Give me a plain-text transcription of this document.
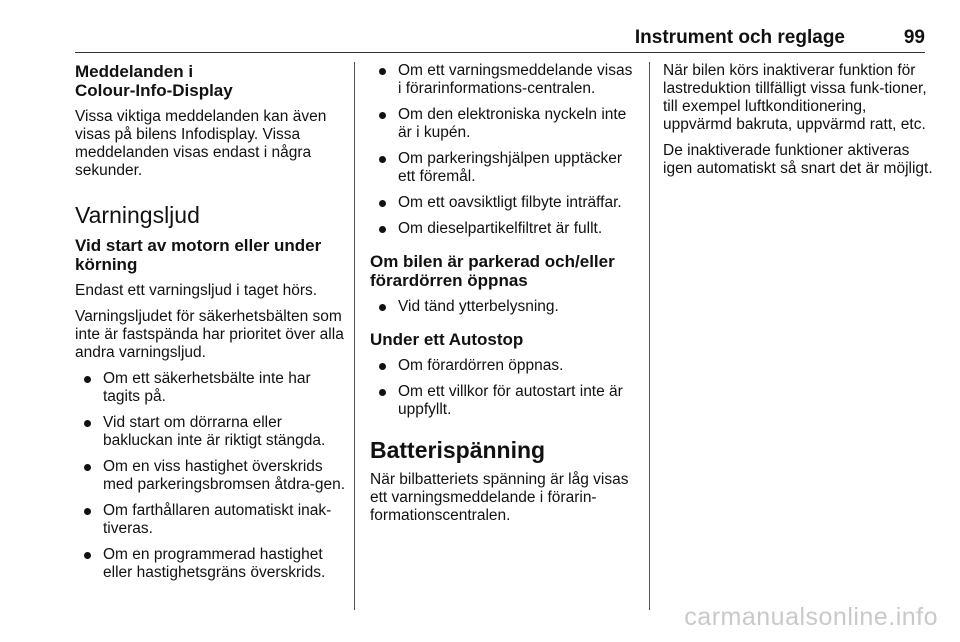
Instrument och reglage	99
Meddelanden i
Colour-Info-Display

Vissa viktiga meddelanden kan även visas på bilens Infodisplay. Vissa meddelanden visas endast i några sekunder.

Varningsljud
Vid start av motorn eller under körning

Endast ett varningsljud i taget hörs.

Varningsljudet för säkerhetsbälten som inte är fastspända har prioritet över alla andra varningsljud.

Om ett säkerhetsbälte inte har tagits på.
Vid start om dörrarna eller bakluckan inte är riktigt stängda.
Om en viss hastighet överskrids med parkeringsbromsen åtdra-gen.
Om farthållaren automatiskt inak-tiveras.
Om en programmerad hastighet eller hastighetsgräns överskrids.
Om ett varningsmeddelande visas i förarinformations-centralen.
Om den elektroniska nyckeln inte är i kupén.
Om parkeringshjälpen upptäcker ett föremål.
Om ett oavsiktligt filbyte inträffar.
Om dieselpartikelfiltret är fullt.
Om bilen är parkerad och/eller förardörren öppnas
Vid tänd ytterbelysning.
Under ett Autostop
Om förardörren öppnas.
Om ett villkor för autostart inte är uppfyllt.
Batterispänning

När bilbatteriets spänning är låg visas ett varningsmeddelande i förarin-formationscentralen.

När bilen körs inaktiverar funktion för lastreduktion tillfälligt vissa funk-tioner, till exempel luftkonditionering, uppvärmd bakruta, uppvärmd ratt, etc.

De inaktiverade funktioner aktiveras igen automatiskt så snart det är möjligt.

carmanualsonline.info
